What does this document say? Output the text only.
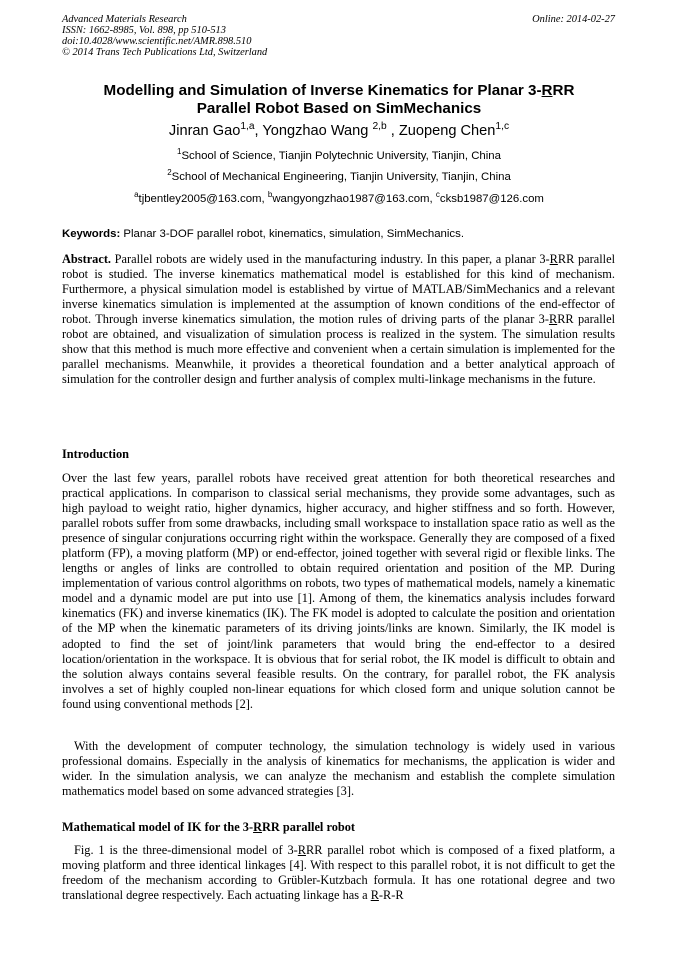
Advanced Materials Research
ISSN: 1662-8985, Vol. 898, pp 510-513
doi:10.4028/www.scientific.net/AMR.898.510
© 2014 Trans Tech Publications Ltd, Switzerland
Online: 2014-02-27
Modelling and Simulation of Inverse Kinematics for Planar 3-RRR
Parallel Robot Based on SimMechanics
Jinran Gao$^{1,a}$, Yongzhao Wang $^{2,b}$ , Zuopeng Chen$^{1,c}$
$^1$School of Science, Tianjin Polytechnic University, Tianjin, China
$^2$School of Mechanical Engineering, Tianjin University, Tianjin, China
$^a$tjbentley2005@163.com, $^b$wangyongzhao1987@163.com, $^c$cksb1987@126.com
Keywords: Planar 3-DOF parallel robot, kinematics, simulation, SimMechanics.
Abstract. Parallel robots are widely used in the manufacturing industry. In this paper, a planar 3-RRR parallel robot is studied. The inverse kinematics mathematical model is established for this kind of mechanism. Furthermore, a physical simulation model is established by virtue of MATLAB/SimMechanics and a relevant inverse kinematics simulation is implemented at the assumption of known conditions of the end-effector of robot. Through inverse kinematics simulation, the motion rules of driving parts of the planar 3-RRR parallel robot are obtained, and visualization of simulation process is realized in the system. The simulation results show that this method is much more effective and convenient when a certain simulation is implemented for the parallel mechanisms. Meanwhile, it provides a theoretical foundation and a better analytical approach of simulation for the controller design and further analysis of complex multi-linkage mechanisms in the future.
Introduction
Over the last few years, parallel robots have received great attention for both theoretical researches and practical applications. In comparison to classical serial mechanisms, they provide some advantages, such as high payload to weight ratio, higher dynamics, higher accuracy, and higher stiffness and so forth. However, parallel robots suffer from some drawbacks, including small workspace to installation space ratio as well as the presence of singular conjurations occurring right within the workspace. Generally they are composed of a fixed platform (FP), a moving platform (MP) or end-effector, joined together with several rigid or flexible links. The lengths or angles of links are controlled to obtain required orientation and position of the MP. During implementation of various control algorithms on robots, two types of mathematical models, namely a kinematic model and a dynamic model are put into use [1]. Among of them, the kinematics analysis includes forward kinematics (FK) and inverse kinematics (IK). The FK model is adopted to calculate the position and orientation of the MP when the kinematic parameters of its driving joints/links are known. Similarly, the IK model is adopted to find the set of joint/link parameters that would bring the end-effector to a desired location/orientation in the workspace. It is obvious that for serial robot, the IK model is difficult to obtain and the solution always contains several feasible results. On the contrary, for parallel robot, the FK analysis involves a set of highly coupled non-linear equations for which closed form and unique solution cannot be found using conventional methods [2].
With the development of computer technology, the simulation technology is widely used in various professional domains. Especially in the analysis of kinematics for mechanisms, the application is wider and wider. In the simulation analysis, we can analyze the mechanism and establish the complete simulation mathematics model based on some advanced strategies [3].
Mathematical model of IK for the 3-RRR parallel robot
Fig. 1 is the three-dimensional model of 3-RRR parallel robot which is composed of a fixed platform, a moving platform and three identical linkages [4]. With respect to this parallel robot, it is not difficult to get the freedom of the mechanism according to Grübler-Kutzbach formula. It has one rotational degree and two translational degree respectively. Each actuating linkage has a R-R-R
